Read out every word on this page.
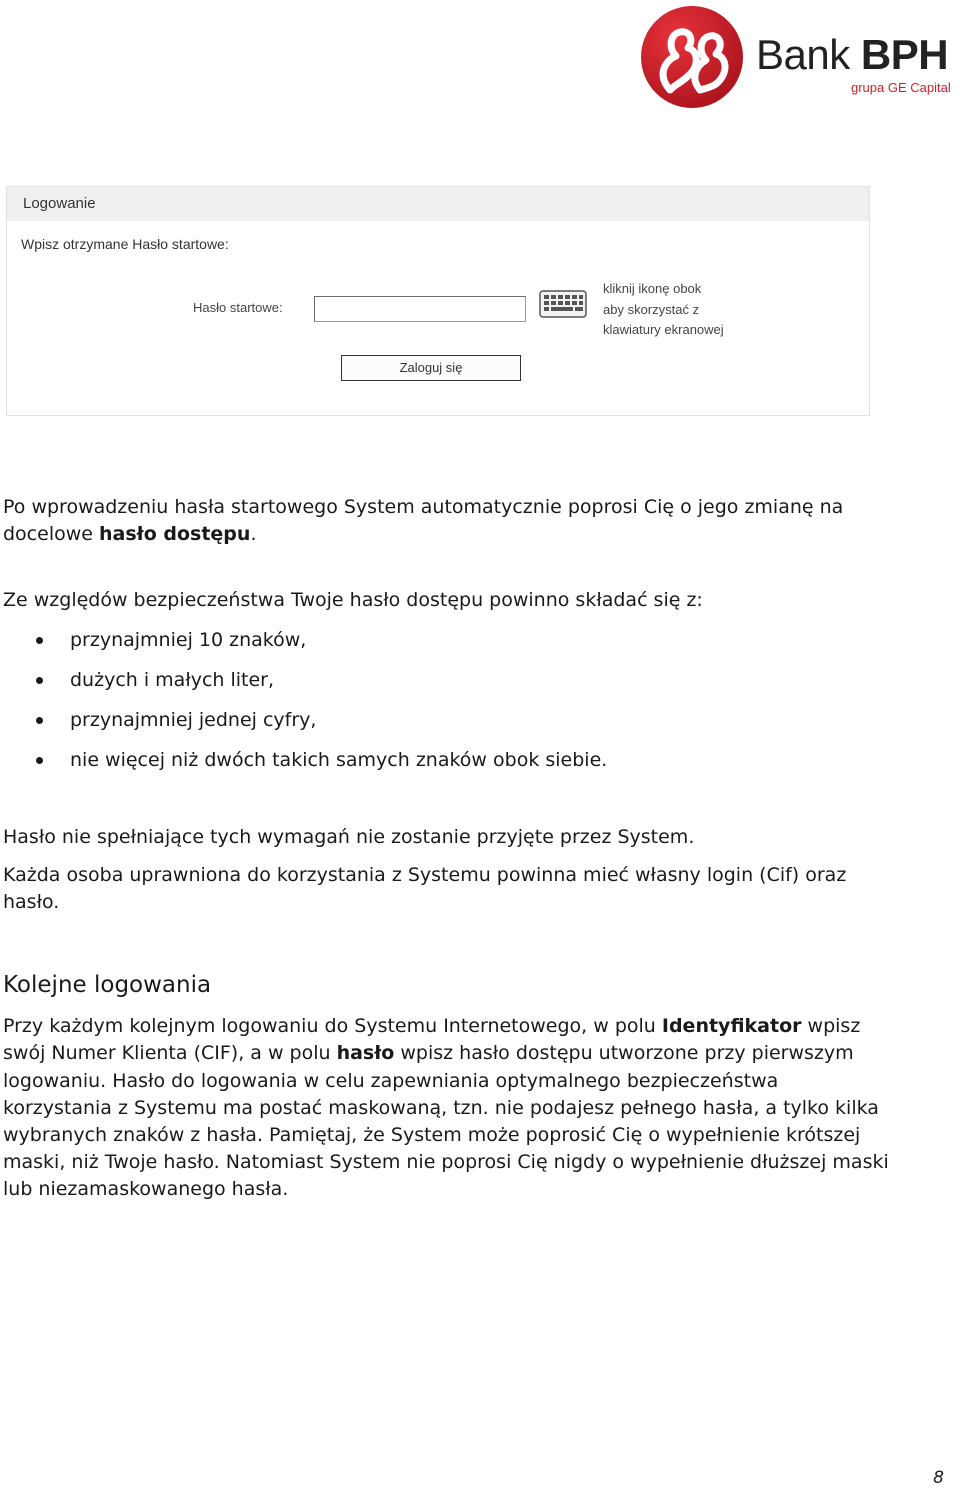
Bank BPH
grupa GE Capital
Logowanie
Wpisz otrzymane Hasło startowe:
Hasło startowe:
kliknij ikonę obok
aby skorzystać z
klawiatury ekranowej
Zaloguj się
Po wprowadzeniu hasła startowego System automatycznie poprosi Cię o jego zmianę na
docelowe hasło dostępu.
Ze względów bezpieczeństwa Twoje hasło dostępu powinno składać się z:
przynajmniej 10 znaków,
dużych i małych liter,
przynajmniej jednej cyfry,
nie więcej niż dwóch takich samych znaków obok siebie.
Hasło nie spełniające tych wymagań nie zostanie przyjęte przez System.
Każda osoba uprawniona do korzystania z Systemu powinna mieć własny login (Cif) oraz
hasło.
Kolejne logowania
Przy każdym kolejnym logowaniu do Systemu Internetowego, w polu Identyfikator wpisz
swój Numer Klienta (CIF), a w polu hasło wpisz hasło dostępu utworzone przy pierwszym
logowaniu. Hasło do logowania w celu zapewniania optymalnego bezpieczeństwa
korzystania z Systemu ma postać maskowaną, tzn. nie podajesz pełnego hasła, a tylko kilka
wybranych znaków z hasła. Pamiętaj, że System może poprosić Cię o wypełnienie krótszej
maski, niż Twoje hasło. Natomiast System nie poprosi Cię nigdy o wypełnienie dłuższej maski
lub niezamaskowanego hasła.
8
